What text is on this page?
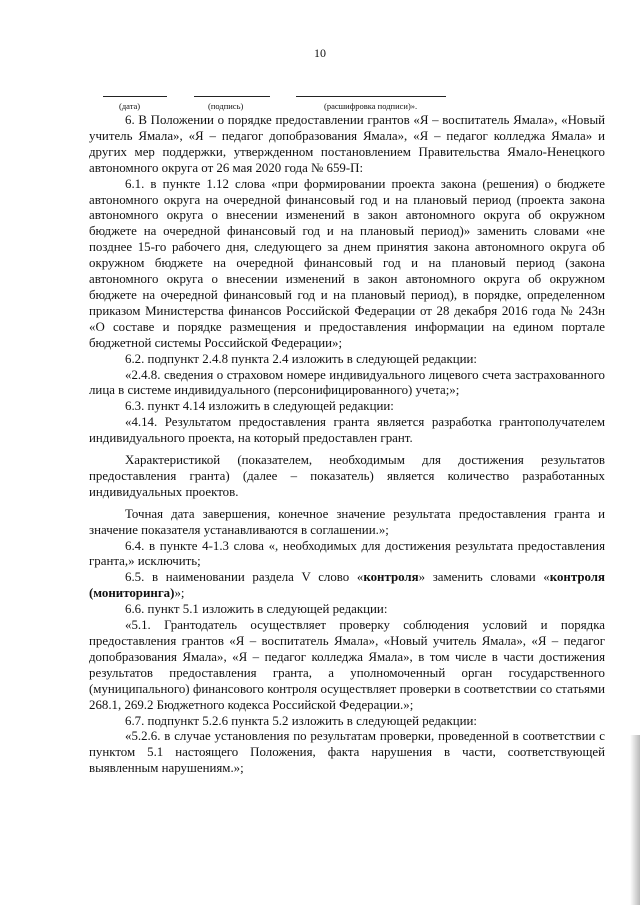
10
(дата)	(подпись)	(расшифровка подписи)».

6. В Положении о порядке предоставлении грантов «Я – воспитатель Ямала», «Новый учитель Ямала», «Я – педагог допобразования Ямала», «Я – педагог колледжа Ямала» и других мер поддержки, утвержденном постановлением Правительства Ямало-Ненецкого автономного округа от 26 мая 2020 года № 659-П:

6.1. в пункте 1.12 слова «при формировании проекта закона (решения) о бюджете автономного округа на очередной финансовый год и на плановый период (проекта закона автономного округа о внесении изменений в закон автономного округа об окружном бюджете на очередной финансовый год и на плановый период)» заменить словами «не позднее 15-го рабочего дня, следующего за днем принятия закона автономного округа об окружном бюджете на очередной финансовый год и на плановый период (закона автономного округа о внесении изменений в закон автономного округа об окружном бюджете на очередной финансовый год и на плановый период), в порядке, определенном приказом Министерства финансов Российской Федерации от 28 декабря 2016 года № 243н «О составе и порядке размещения и предоставления информации на едином портале бюджетной системы Российской Федерации»;

6.2. подпункт 2.4.8 пункта 2.4 изложить в следующей редакции:

«2.4.8. сведения о страховом номере индивидуального лицевого счета застрахованного лица в системе индивидуального (персонифицированного) учета;»;

6.3. пункт 4.14 изложить в следующей редакции:

«4.14. Результатом предоставления гранта является разработка грантополучателем индивидуального проекта, на который предоставлен грант.

Характеристикой (показателем, необходимым для достижения результатов предоставления гранта) (далее – показатель) является количество разработанных индивидуальных проектов.

Точная дата завершения, конечное значение результата предоставления гранта и значение показателя устанавливаются в соглашении.»;

6.4. в пункте 4-1.3 слова «, необходимых для достижения результата предоставления гранта,» исключить;

6.5. в наименовании раздела V слово «контроля» заменить словами «контроля (мониторинга)»;

6.6. пункт 5.1 изложить в следующей редакции:

«5.1. Грантодатель осуществляет проверку соблюдения условий и порядка предоставления грантов «Я – воспитатель Ямала», «Новый учитель Ямала», «Я – педагог допобразования Ямала», «Я – педагог колледжа Ямала», в том числе в части достижения результатов предоставления гранта, а уполномоченный орган государственного (муниципального) финансового контроля осуществляет проверки в соответствии со статьями 268.1, 269.2 Бюджетного кодекса Российской Федерации.»;

6.7. подпункт 5.2.6 пункта 5.2 изложить в следующей редакции:

«5.2.6. в случае установления по результатам проверки, проведенной в соответствии с пунктом 5.1 настоящего Положения, факта нарушения в части, соответствующей выявленным нарушениям.»;
